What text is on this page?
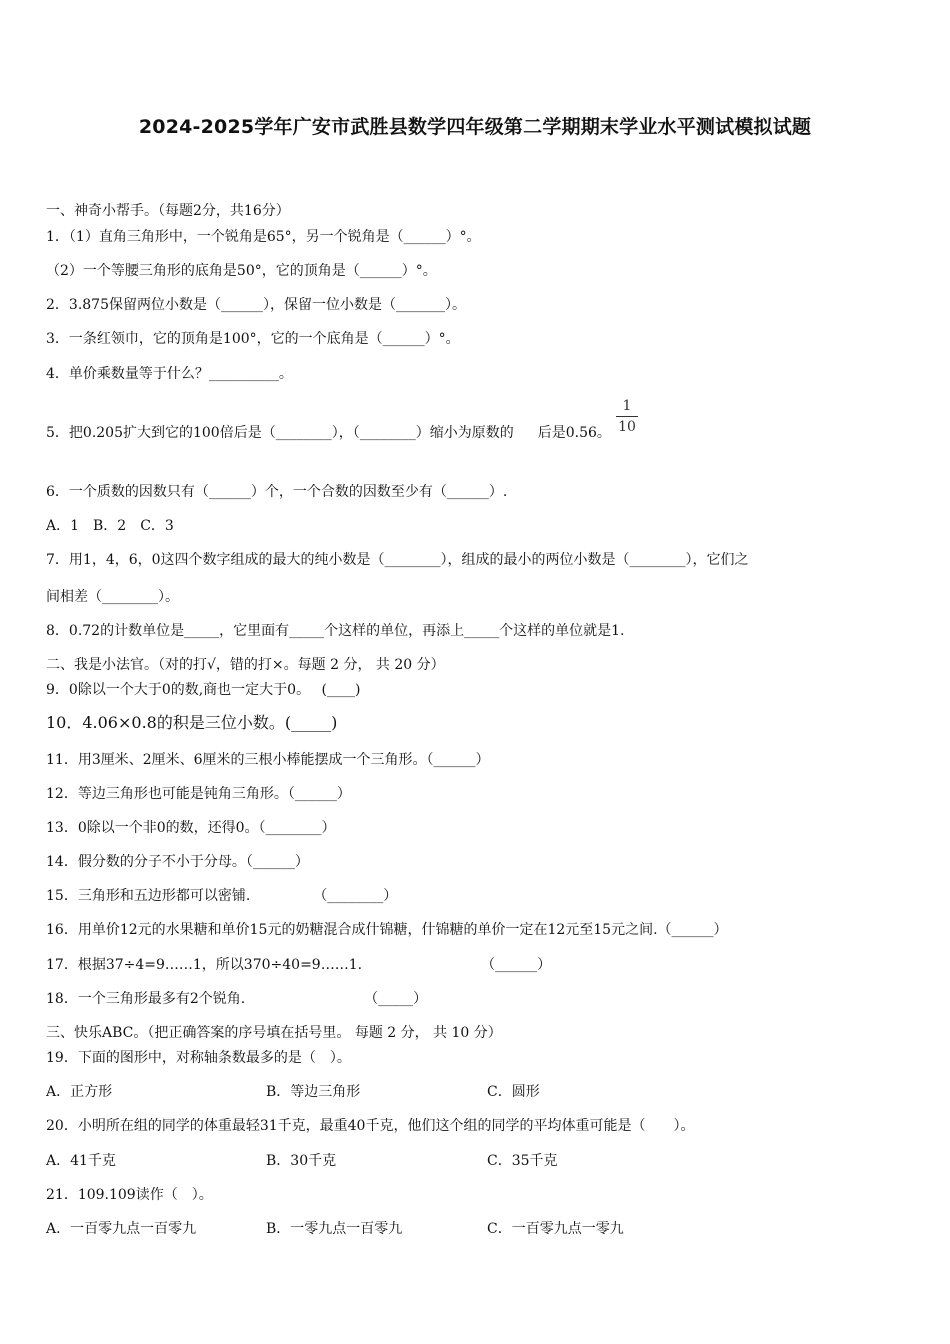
2024-2025学年广安市武胜县数学四年级第二学期期末学业水平测试模拟试题
一、神奇小帮手。（每题2分，共16分）
1．（1）直角三角形中，一个锐角是65°，另一个锐角是（______）°。
（2）一个等腰三角形的底角是50°，它的顶角是（______）°。
2．3.875保留两位小数是（______），保留一位小数是（_______）。
3．一条红领巾，它的顶角是100°，它的一个底角是（______）°。
4．单价乘数量等于什么？__________。
5．把0.205扩大到它的100倍后是（________），（________）缩小为原数的 后是0.56。
1
10
6．一个质数的因数只有（______）个，一个合数的因数至少有（______）.
A．1　B．2　C．3
7．用1，4，6，0这四个数字组成的最大的纯小数是（________），组成的最小的两位小数是（________），它们之
间相差（________）。
8．0.72的计数单位是_____，它里面有_____个这样的单位，再添上_____个这样的单位就是1.
二、我是小法官。（对的打√，错的打×。每题 2 分， 共 20 分）
9．0除以一个大于0的数,商也一定大于0。　 (____)
10．4.06×0.8的积是三位小数。(_____)
11．用3厘米、2厘米、6厘米的三根小棒能摆成一个三角形。（______）
12．等边三角形也可能是钝角三角形。（______）
13．0除以一个非0的数，还得0。（________）
14．假分数的分子不小于分母。（______）
15．三角形和五边形都可以密铺.　　　　　（________）
16．用单价12元的水果糖和单价15元的奶糖混合成什锦糖，什锦糖的单价一定在12元至15元之间.（______）
17．根据37÷4=9……1，所以370÷40=9……1.　　　　　　　　　（______）
18．一个三角形最多有2个锐角.　　　　　　　　　（_____）
三、快乐ABC。（把正确答案的序号填在括号里。 每题 2 分， 共 10 分）
19．下面的图形中，对称轴条数最多的是（　）。
A．正方形	B．等边三角形	C．圆形
20．小明所在组的同学的体重最轻31千克，最重40千克，他们这个组的同学的平均体重可能是（　　）。
A．41千克	B．30千克	C．35千克
21．109.109读作（　）。
A．一百零九点一百零九	B．一零九点一百零九	C．一百零九点一零九
